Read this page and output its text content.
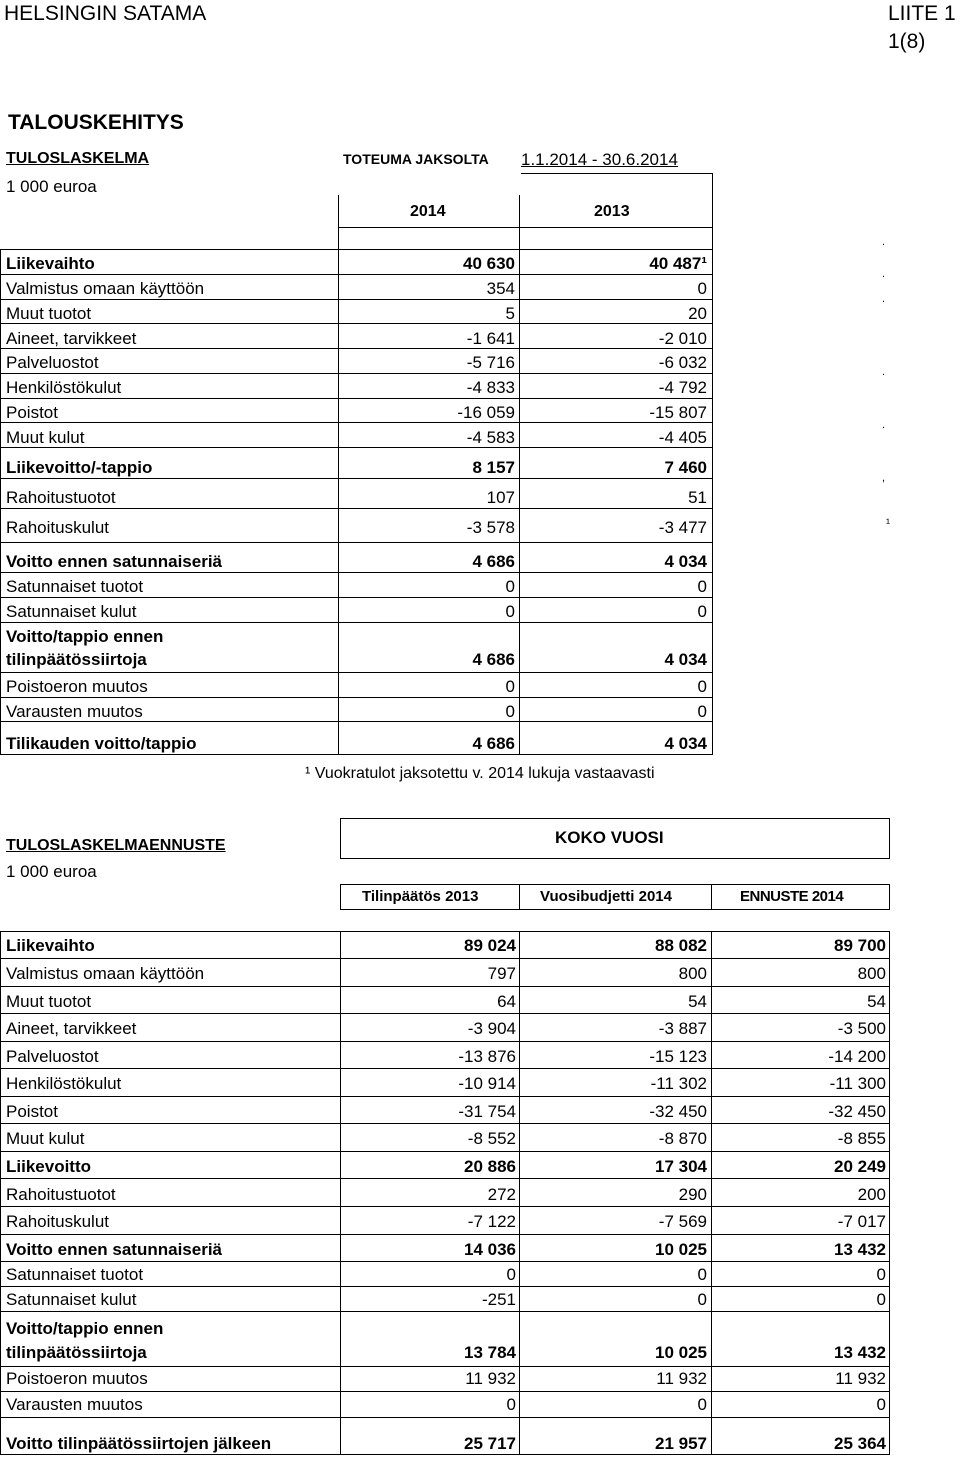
HELSINGIN SATAMA	LIITE 1
1(8)
TALOUSKEHITYS
TULOSLASKELMA	TOTEUMA JAKSOLTA 1.1.2014 - 30.6.2014
1 000 euroa
2014	2013
Liikevaihto	40 630	40 487¹
Valmistus omaan käyttöön	354	0
Muut tuotot	5	20
Aineet, tarvikkeet	-1 641	-2 010
Palveluostot	-5 716	-6 032
Henkilöstökulut	-4 833	-4 792
Poistot	-16 059	-15 807
Muut kulut	-4 583	-4 405
Liikevoitto/-tappio	8 157	7 460
Rahoitustuotot	107	51
Rahoituskulut	-3 578	-3 477
Voitto ennen satunnaiseriä	4 686	4 034
Satunnaiset tuotot	0	0
Satunnaiset kulut	0	0
Voitto/tappio ennen
tilinpäätössiirtoja	4 686	4 034
Poistoeron muutos	0	0
Varausten muutos	0	0
Tilikauden voitto/tappio	4 686	4 034
¹ Vuokratulot jaksotettu v. 2014 lukuja vastaavasti
.
.
.
.
.
,
¹
TULOSLASKELMAENNUSTE
1 000 euroa
KOKO VUOSI
Tilinpäätös 2013	Vuosibudjetti 2014	ENNUSTE 2014
Liikevaihto	89 024	88 082	89 700
Valmistus omaan käyttöön	797	800	800
Muut tuotot	64	54	54
Aineet, tarvikkeet	-3 904	-3 887	-3 500
Palveluostot	-13 876	-15 123	-14 200
Henkilöstökulut	-10 914	-11 302	-11 300
Poistot	-31 754	-32 450	-32 450
Muut kulut	-8 552	-8 870	-8 855
Liikevoitto	20 886	17 304	20 249
Rahoitustuotot	272	290	200
Rahoituskulut	-7 122	-7 569	-7 017
Voitto ennen satunnaiseriä	14 036	10 025	13 432
Satunnaiset tuotot	0	0	0
Satunnaiset kulut	-251	0	0
Voitto/tappio ennen
tilinpäätössiirtoja	13 784	10 025	13 432
Poistoeron muutos	11 932	11 932	11 932
Varausten muutos	0	0	0
Voitto tilinpäätössiirtojen jälkeen	25 717	21 957	25 364
